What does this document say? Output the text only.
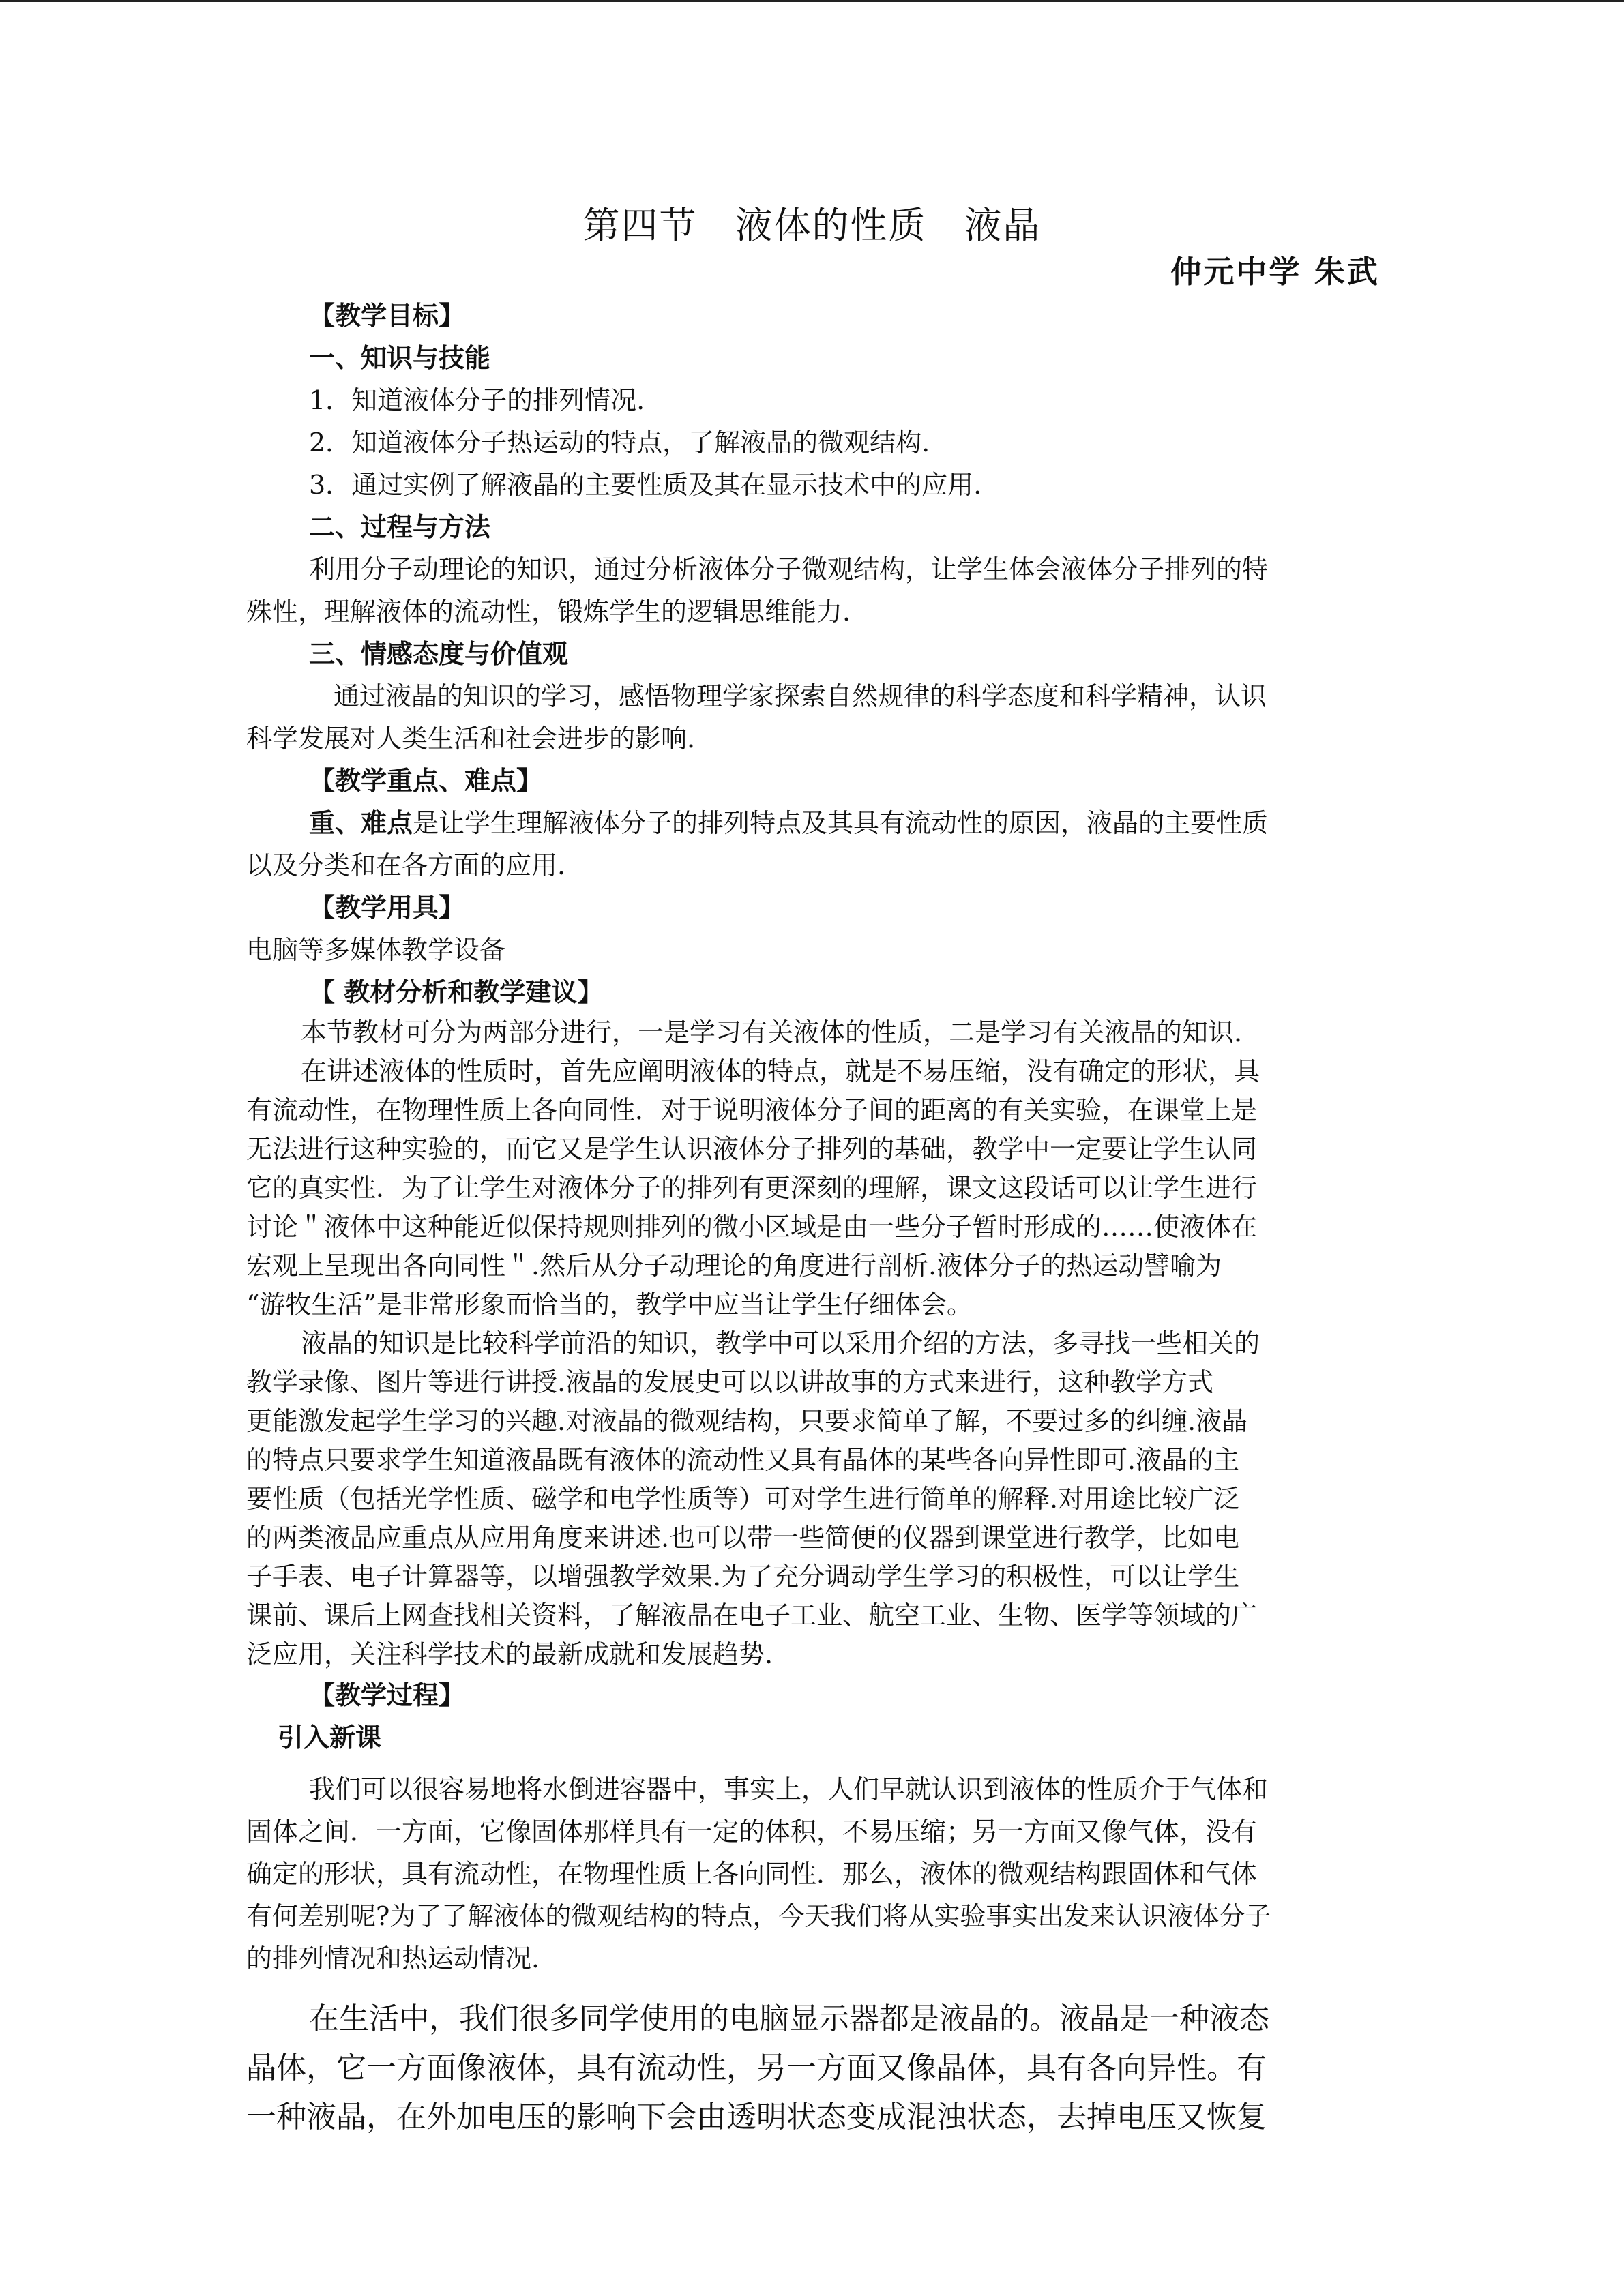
第四节　液体的性质　液晶
仲元中学 朱武
【教学目标】
一、知识与技能
1．知道液体分子的排列情况.
2．知道液体分子热运动的特点，了解液晶的微观结构.
3．通过实例了解液晶的主要性质及其在显示技术中的应用.
二、过程与方法
利用分子动理论的知识，通过分析液体分子微观结构，让学生体会液体分子排列的特
殊性，理解液体的流动性，锻炼学生的逻辑思维能力.
三、情感态度与价值观
通过液晶的知识的学习，感悟物理学家探索自然规律的科学态度和科学精神，认识
科学发展对人类生活和社会进步的影响.
【教学重点、难点】
重、难点是让学生理解液体分子的排列特点及其具有流动性的原因，液晶的主要性质
以及分类和在各方面的应用.
【教学用具】
电脑等多媒体教学设备
【 教材分析和教学建议】
本节教材可分为两部分进行，一是学习有关液体的性质，二是学习有关液晶的知识.
在讲述液体的性质时，首先应阐明液体的特点，就是不易压缩，没有确定的形状，具
有流动性，在物理性质上各向同性．对于说明液体分子间的距离的有关实验，在课堂上是
无法进行这种实验的，而它又是学生认识液体分子排列的基础，教学中一定要让学生认同
它的真实性．为了让学生对液体分子的排列有更深刻的理解，课文这段话可以让学生进行
讨论＂液体中这种能近似保持规则排列的微小区域是由一些分子暂时形成的……使液体在
宏观上呈现出各向同性＂.然后从分子动理论的角度进行剖析.液体分子的热运动譬喻为
“游牧生活”是非常形象而恰当的，教学中应当让学生仔细体会。
液晶的知识是比较科学前沿的知识，教学中可以采用介绍的方法，多寻找一些相关的
教学录像、图片等进行讲授.液晶的发展史可以以讲故事的方式来进行，这种教学方式
更能激发起学生学习的兴趣.对液晶的微观结构，只要求简单了解，不要过多的纠缠.液晶
的特点只要求学生知道液晶既有液体的流动性又具有晶体的某些各向异性即可.液晶的主
要性质（包括光学性质、磁学和电学性质等）可对学生进行简单的解释.对用途比较广泛
的两类液晶应重点从应用角度来讲述.也可以带一些简便的仪器到课堂进行教学，比如电
子手表、电子计算器等，以增强教学效果.为了充分调动学生学习的积极性，可以让学生
课前、课后上网查找相关资料，了解液晶在电子工业、航空工业、生物、医学等领域的广
泛应用，关注科学技术的最新成就和发展趋势.
【教学过程】
引入新课
我们可以很容易地将水倒进容器中，事实上，人们早就认识到液体的性质介于气体和
固体之间．一方面，它像固体那样具有一定的体积，不易压缩；另一方面又像气体，没有
确定的形状，具有流动性，在物理性质上各向同性．那么，液体的微观结构跟固体和气体
有何差别呢?为了了解液体的微观结构的特点，今天我们将从实验事实出发来认识液体分子
的排列情况和热运动情况.
在生活中，我们很多同学使用的电脑显示器都是液晶的。液晶是一种液态
晶体，它一方面像液体，具有流动性，另一方面又像晶体，具有各向异性。有
一种液晶，在外加电压的影响下会由透明状态变成混浊状态，去掉电压又恢复
